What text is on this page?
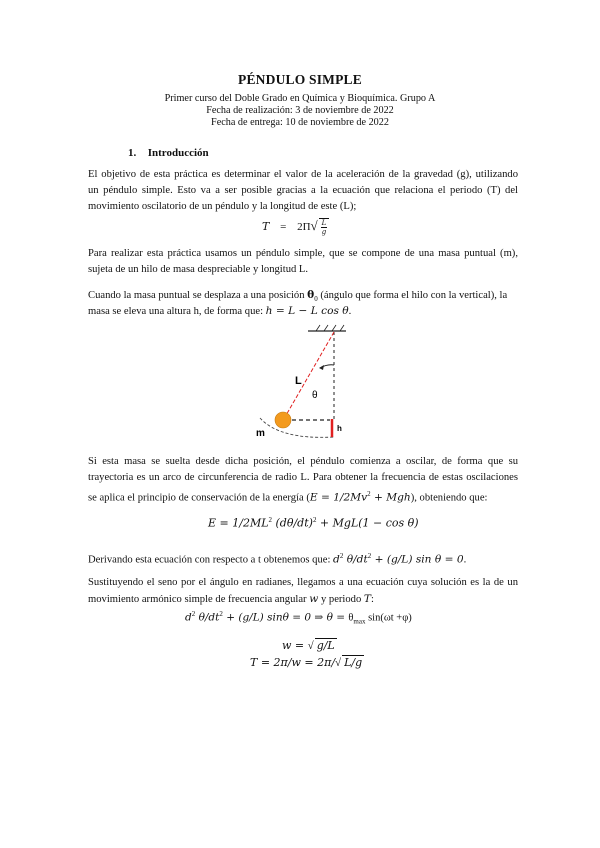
PÉNDULO SIMPLE
Primer curso del Doble Grado en Química y Bioquímica. Grupo A
Fecha de realización: 3 de noviembre de 2022
Fecha de entrega: 10 de noviembre de 2022
1. Introducción
El objetivo de esta práctica es determinar el valor de la aceleración de la gravedad (g), utilizando
un péndulo simple. Esto va a ser posible gracias a la ecuación que relaciona el periodo (T) del
movimiento oscilatorio de un péndulo y la longitud de este (L);
$T = 2\Pi√ \frac{L}{g}$
Para realizar esta práctica usamos un péndulo simple, que se compone de una masa puntual (m),
sujeta de un hilo de masa despreciable y longitud L.
Cuando la masa puntual se desplaza a una posición $\theta_0$ (ángulo que forma el hilo con la vertical), la
masa se eleva una altura h, de forma que: h = L − L cos θ.
L
θ
m	h
Si esta masa se suelta desde dicha posición, el péndulo comienza a oscilar, de forma que su
trayectoria es un arco de circunferencia de radio L. Para obtener la frecuencia de estas oscilaciones
se aplica el principio de conservación de la energía $(E = 1/2Mv^2 + Mgh)$, obteniendo que:
$E = 1/2ML^2$ $(d\theta/dt)^2 + MgL(1 - \cos \theta)$
Derivando esta ecuación con respecto a t obtenemos que: $d^2$ $\theta/dt^2 + (g/L)$ sin θ = 0.
Sustituyendo el seno por el ángulo en radianes, llegamos a una ecuación cuya solución es la de un
movimiento armónico simple de frecuencia angular w y periodo T:
$d^2$ $\theta/dt^2 + (g/L) \sin\theta = 0$ ⇒ $\theta = \theta_{max}$ sin(ωt +φ)
w = √ g/L
T = 2π/w = 2π/√ L/g
